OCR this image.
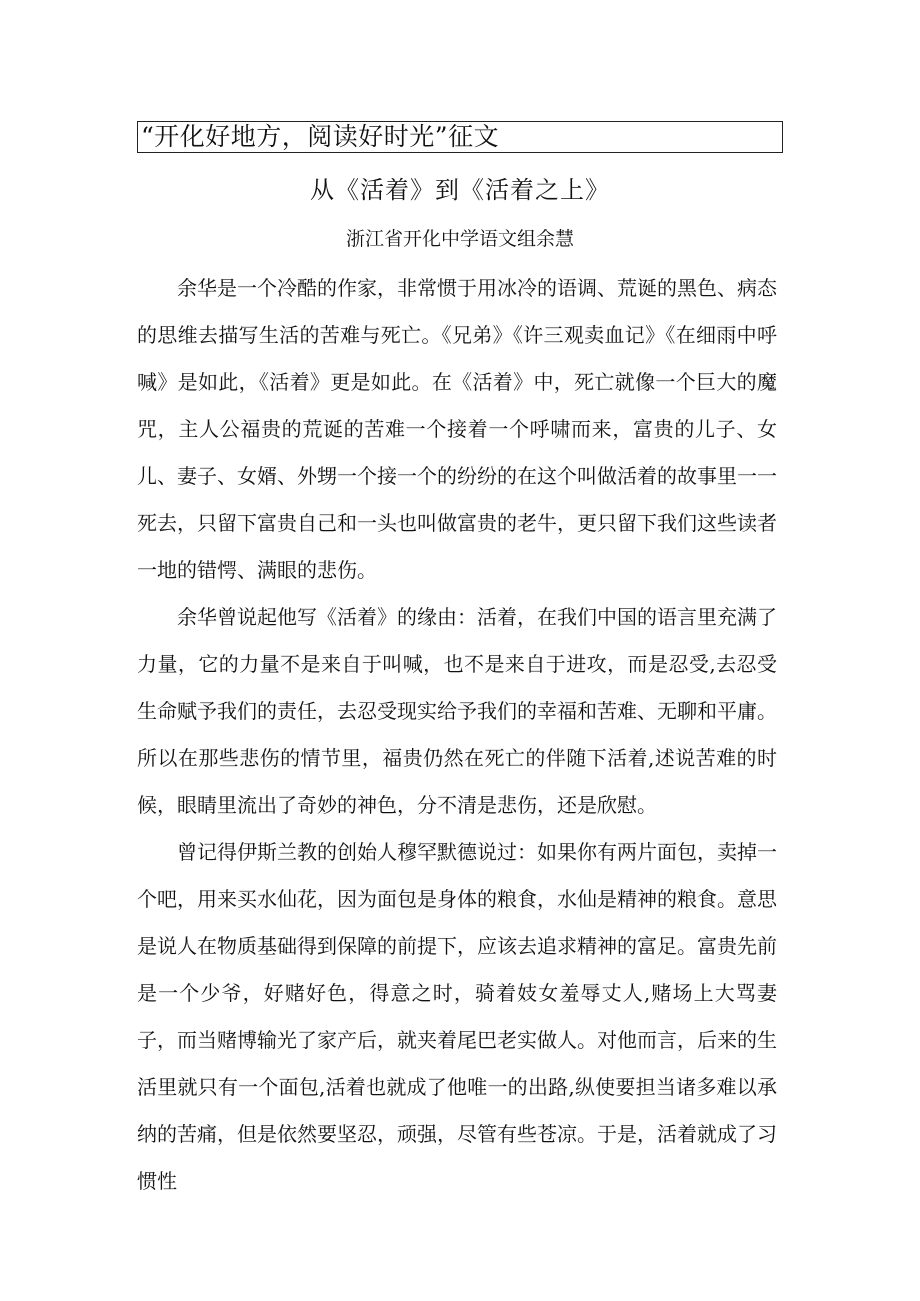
“开化好地方，阅读好时光”征文
从《活着》到《活着之上》
浙江省开化中学语文组余慧

余华是一个冷酷的作家，非常惯于用冰冷的语调、荒诞的黑色、病态的思维去描写生活的苦难与死亡。《兄弟》《许三观卖血记》《在细雨中呼喊》是如此，《活着》更是如此。在《活着》中，死亡就像一个巨大的魔咒，主人公福贵的荒诞的苦难一个接着一个呼啸而来，富贵的儿子、女儿、妻子、女婿、外甥一个接一个的纷纷的在这个叫做活着的故事里一一死去，只留下富贵自己和一头也叫做富贵的老牛，更只留下我们这些读者一地的错愕、满眼的悲伤。

余华曾说起他写《活着》的缘由：活着，在我们中国的语言里充满了力量，它的力量不是来自于叫喊，也不是来自于进攻，而是忍受,去忍受生命赋予我们的责任，去忍受现实给予我们的幸福和苦难、无聊和平庸。所以在那些悲伤的情节里，福贵仍然在死亡的伴随下活着,述说苦难的时候，眼睛里流出了奇妙的神色，分不清是悲伤，还是欣慰。

曾记得伊斯兰教的创始人穆罕默德说过：如果你有两片面包，卖掉一个吧，用来买水仙花，因为面包是身体的粮食，水仙是精神的粮食。意思是说人在物质基础得到保障的前提下，应该去追求精神的富足。富贵先前是一个少爷，好赌好色，得意之时，骑着妓女羞辱丈人,赌场上大骂妻子，而当赌博输光了家产后，就夹着尾巴老实做人。对他而言，后来的生活里就只有一个面包,活着也就成了他唯一的出路,纵使要担当诸多难以承纳的苦痛，但是依然要坚忍，顽强，尽管有些苍凉。于是，活着就成了习惯性
